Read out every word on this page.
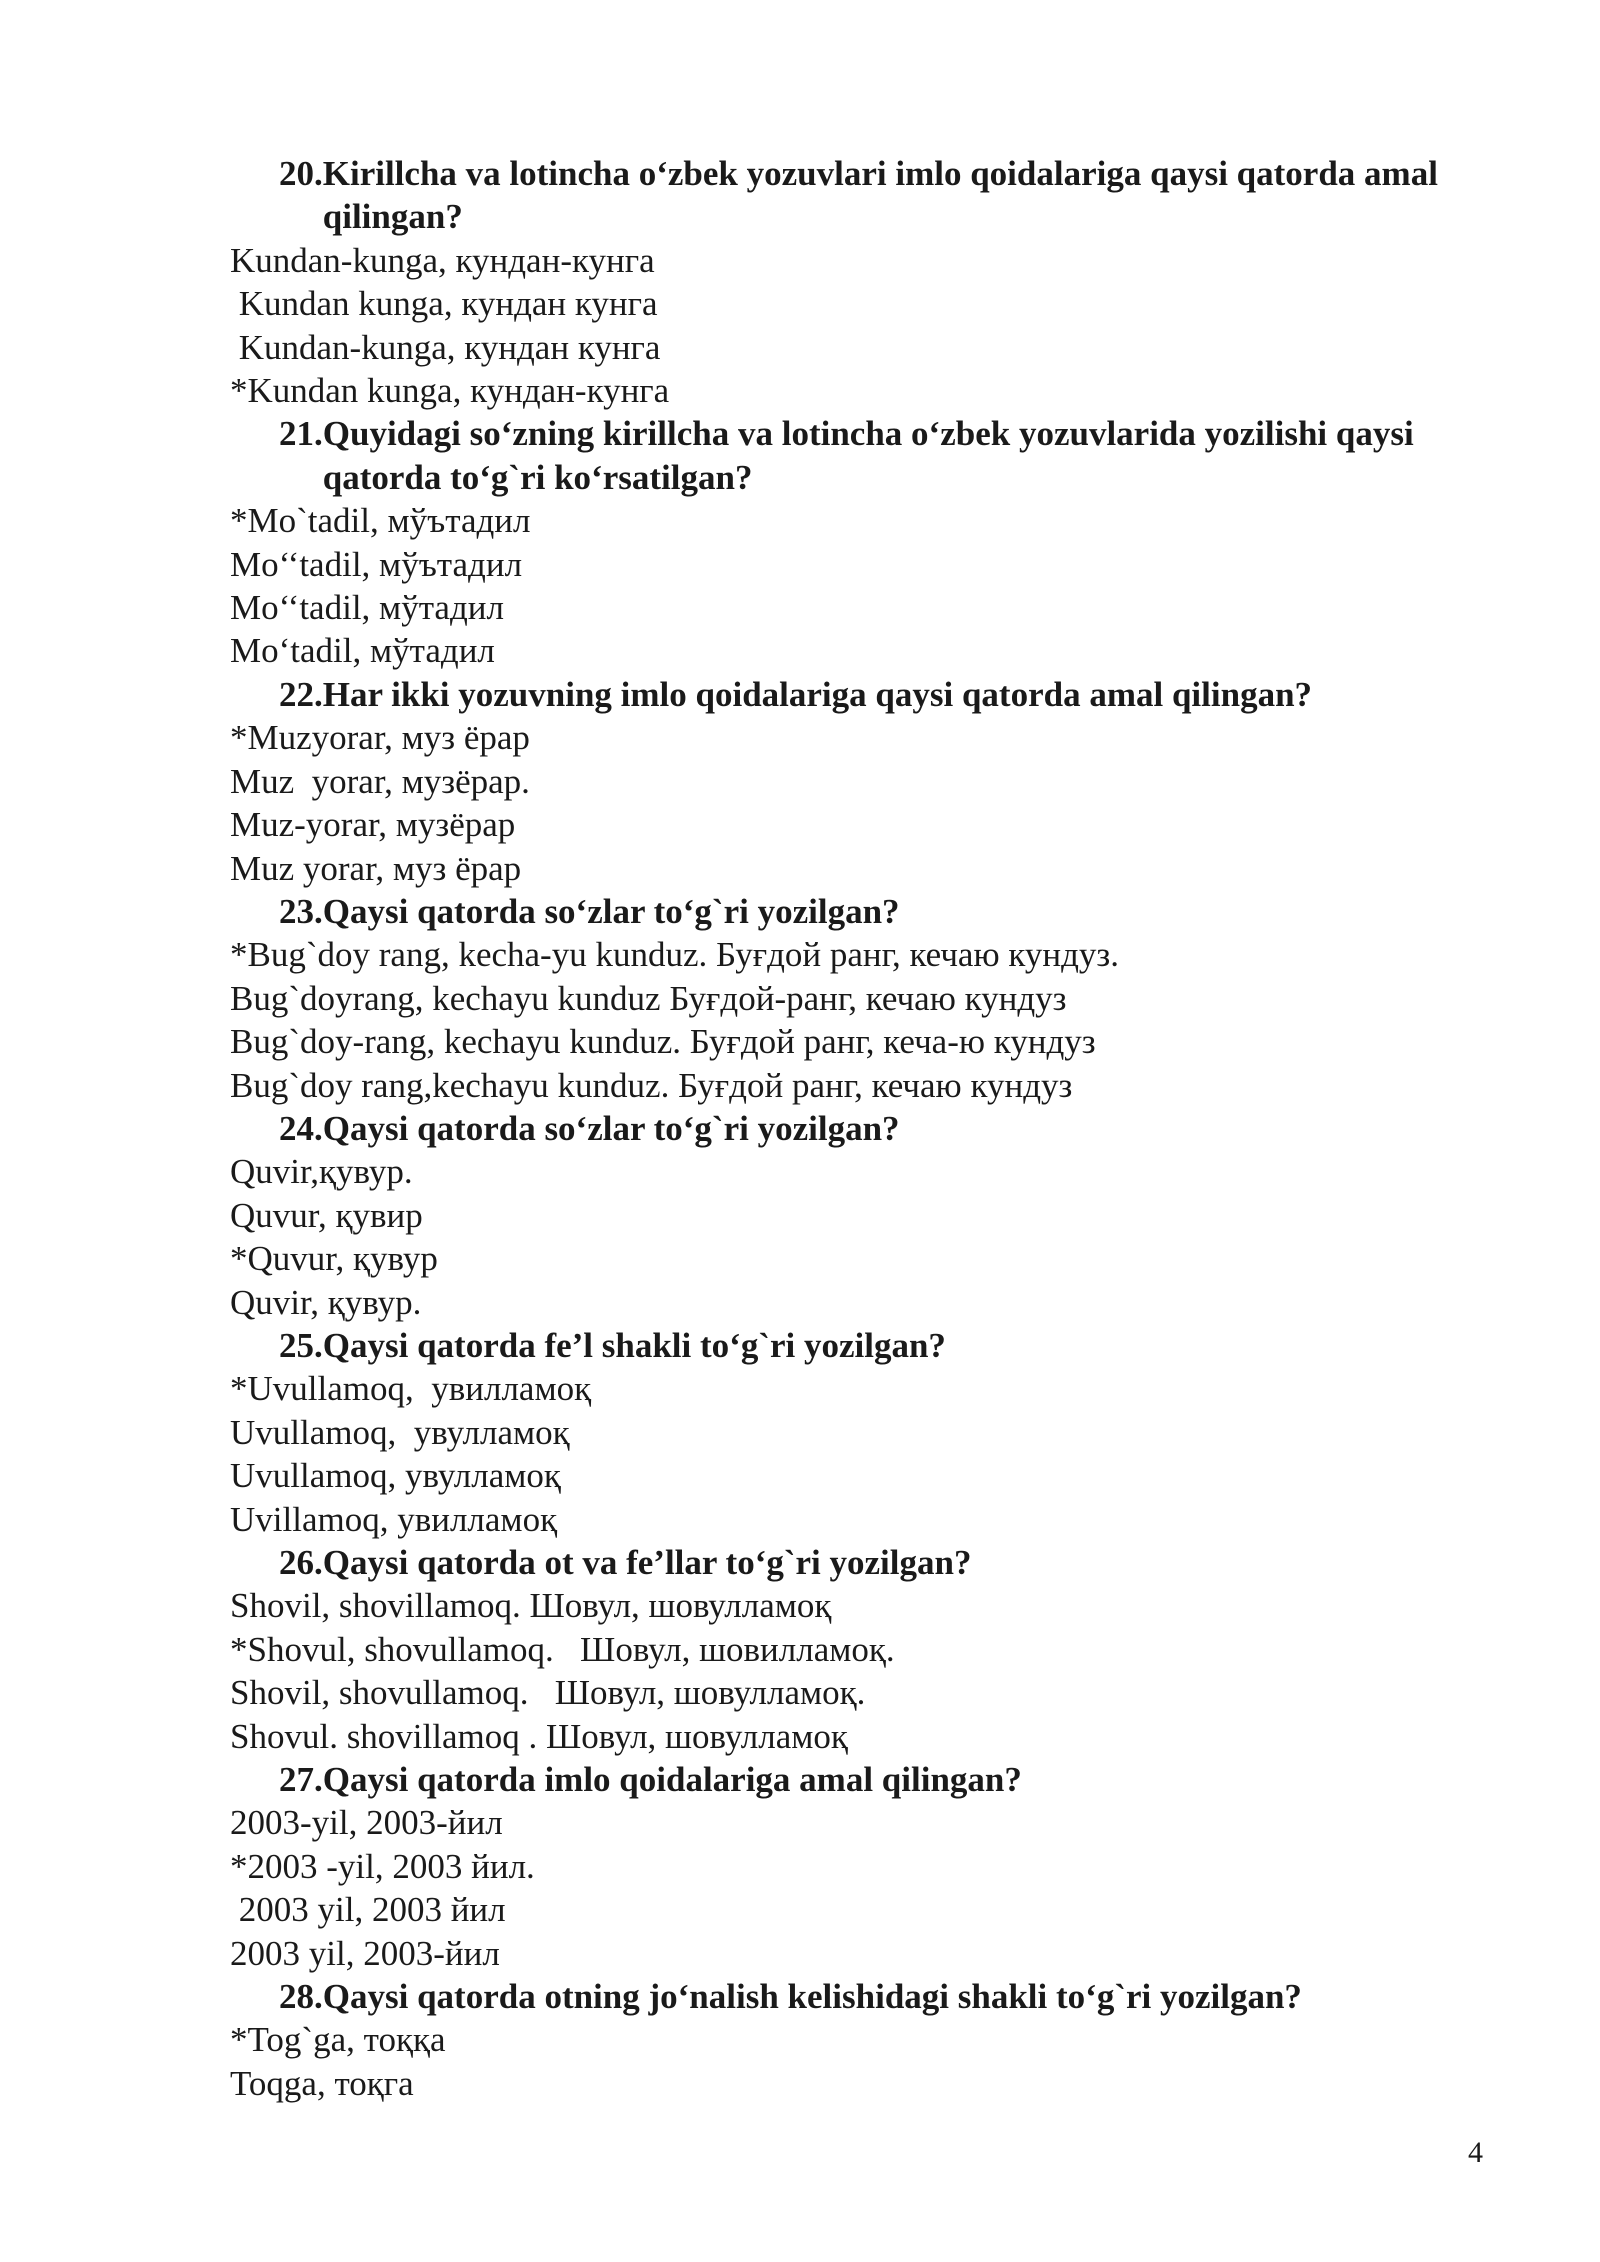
20. Kirillcha va lotincha o‘zbek yozuvlari imlo qoidalariga qaysi qatorda amal qilingan?
Kundan-kunga, кундан-кунга
Kundan kunga, кундан кунга
Kundan-kunga, кундан кунга
*Kundan kunga, кундан-кунга
21. Quyidagi so‘zning kirillcha va lotincha o‘zbek yozuvlarida yozilishi qaysi qatorda to‘g`ri ko‘rsatilgan?
*Mo`tadil, мўътадил
Mo‘‘tadil, мўътадил
Mo‘‘tadil, мўтадил
Mo‘tadil, мўтадил
22. Har ikki yozuvning imlo qoidalariga qaysi qatorda amal qilingan?
*Muzyorar, муз ёрар
Muz  yorar, музёрар.
Muz-yorar, музёрар
Muz yorar, муз ёрар
23. Qaysi qatorda so‘zlar to‘g`ri yozilgan?
*Bug`doy rang, kecha-yu kunduz. Буғдой ранг, кечаю кундуз.
Bug`doyrang, kechayu kunduz Буғдой-ранг, кечаю кундуз
Bug`doy-rang, kechayu kunduz. Буғдой ранг, кеча-ю кундуз
Bug`doy rang,kechayu kunduz. Буғдой ранг, кечаю кундуз
24. Qaysi qatorda so‘zlar to‘g`ri yozilgan?
Quvir,қувур.
Quvur, қувир
*Quvur, қувур
Quvir, қувур.
25. Qaysi qatorda fe’l shakli to‘g`ri yozilgan?
*Uvullamoq,  увилламоқ
Uvullamoq,  увулламоқ
Uvullamoq, увулламоқ
Uvillamoq, увилламоқ
26. Qaysi qatorda ot va fe’llar to‘g`ri yozilgan?
Shovil, shovillamoq. Шовул, шовулламоқ
*Shovul, shovullamoq.   Шовул, шовилламоқ.
Shovil, shovullamoq.   Шовул, шовулламоқ.
Shovul. shovillamoq . Шовул, шовулламоқ
27. Qaysi qatorda imlo qoidalariga amal qilingan?
2003-yil, 2003-йил
*2003 -yil, 2003 йил.
2003 yil, 2003 йил
2003 yil, 2003-йил
28. Qaysi qatorda otning jo‘nalish kelishidagi shakli to‘g`ri yozilgan?
*Tog`ga, тоққа
Toqga, тоқга
4
